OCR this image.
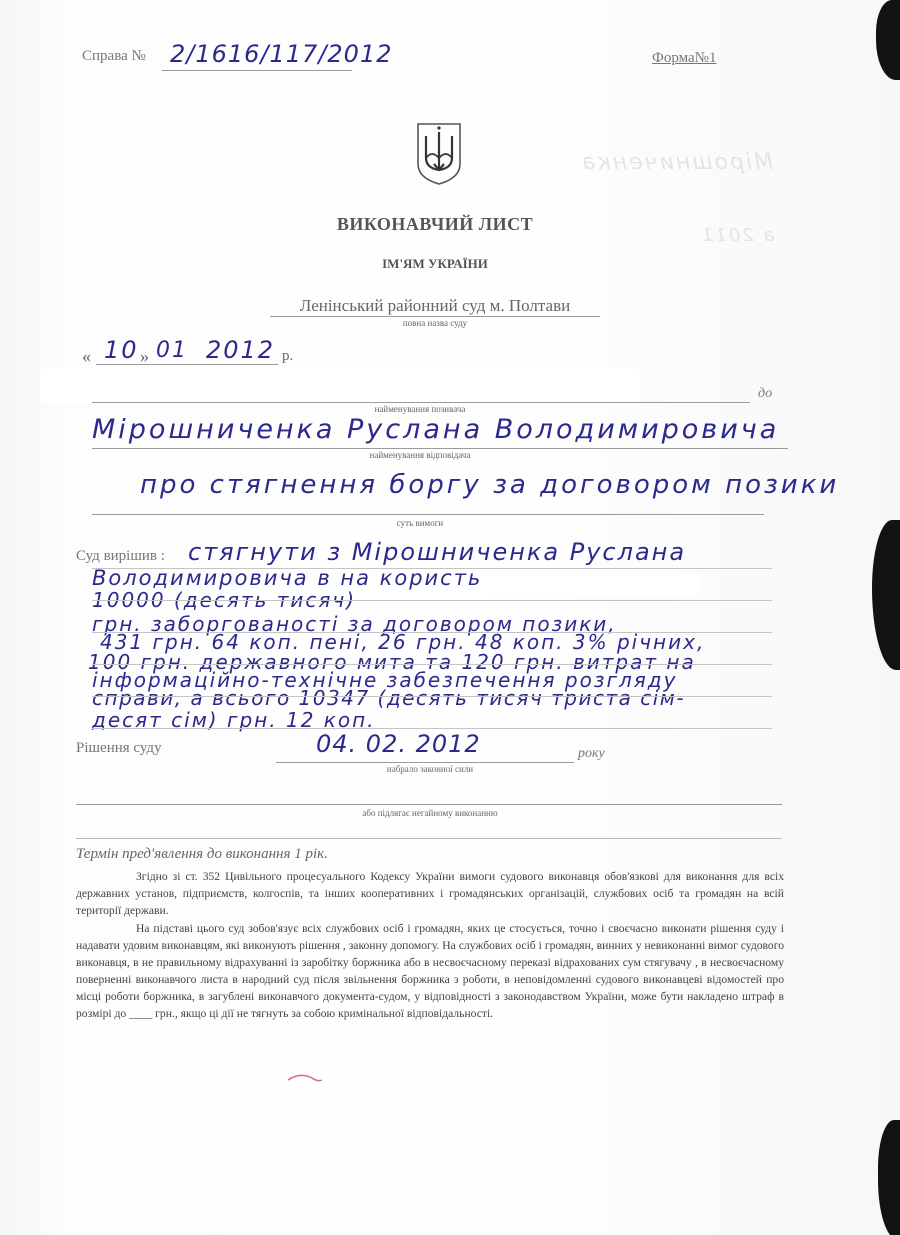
Мірошниченка
а 2011
Справа № 2/1616/117/2012	Форма№1
ВИКОНАВЧИЙ ЛИСТ
ІМ'ЯМ УКРАЇНИ
Ленінський районний суд м. Полтави
повна назва суду
« 10 » 01 2012 р.
до
найменування позивача
Мірошниченка Руслана Володимировича
найменування відповідача
про стягнення боргу за договором позики
суть вимоги
Суд вирішив : стягнути з Мірошниченка Руслана
Володимировича в на користь
10000 (десять тисяч)
грн. заборгованості за договором позики,
431 грн. 64 коп. пені, 26 грн. 48 коп. 3% річних,
100 грн. державного мита та 120 грн. витрат на
інформаційно-технічне забезпечення розгляду
справи, а всього 10347 (десять тисяч триста сім-
десят сім) грн. 12 коп.
Рішення суду	04. 02. 2012	року
набрало законної сили
або підлягає негайному виконанню
Термін пред'явлення до виконання 1 рік.
Згідно зі ст. 352 Цивільного процесуального Кодексу України вимоги судового виконавця обов'язкові для виконання для всіх державних установ, підприємств, колгоспів, та інших кооперативних і громадянських організацій, службових осіб та громадян на всій території держави.
На підставі цього суд зобов'язує всіх службових осіб і громадян, яких це стосується, точно і своєчасно виконати рішення суду і надавати удовим виконавцям, які виконують рішення , законну допомогу. На службових осіб і громадян, винних у невиконанні вимог судового виконавця, в не правильному відрахуванні із заробітку боржника або в несвоєчасному переказі відрахованих сум стягувачу , в несвоєчасному поверненні виконавчого листа в народний суд після звільнення боржника з роботи, в неповідомленні судового виконавцеві відомостей про місці роботи боржника, в загублені виконавчого документа-судом, у відповідності з законодавством України, може бути накладено штраф в розмірі до ____ грн., якщо ці дії не тягнуть за собою кримінальної відповідальності.
